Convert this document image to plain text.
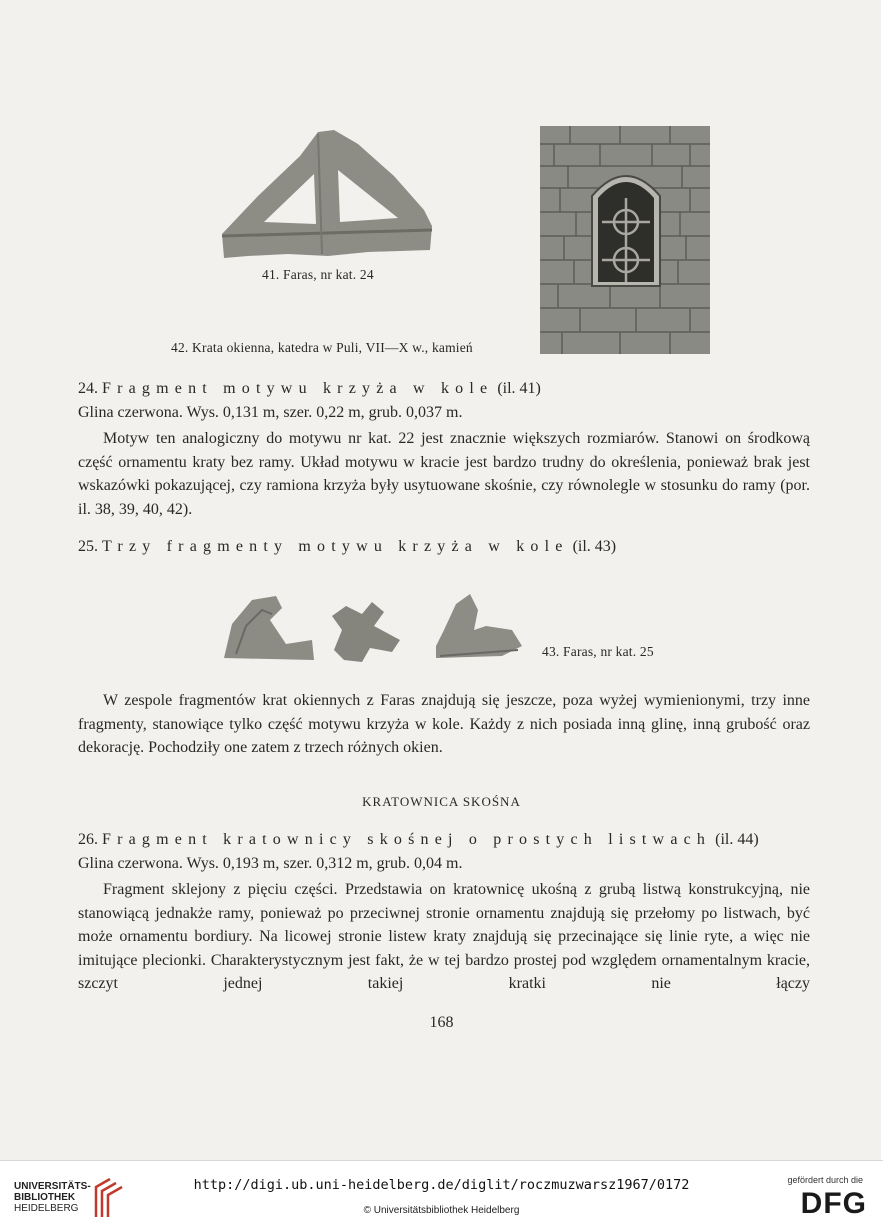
41. Faras, nr kat. 24
42. Krata okienna, katedra w Puli, VII—X w., kamień
24. Fragment motywu krzyża w kole (il. 41)
Glina czerwona. Wys. 0,131 m, szer. 0,22 m, grub. 0,037 m.
Motyw ten analogiczny do motywu nr kat. 22 jest znacznie większych rozmiarów. Stanowi on środkową część ornamentu kraty bez ramy. Układ motywu w kracie jest bardzo trudny do określenia, ponieważ brak jest wskazówki pokazującej, czy ramiona krzyża były usytuowane skośnie, czy równolegle w stosunku do ramy (por. il. 38, 39, 40, 42).
25. Trzy fragmenty motywu krzyża w kole (il. 43)
43. Faras, nr kat. 25
W zespole fragmentów krat okiennych z Faras znajdują się jeszcze, poza wyżej wymienionymi, trzy inne fragmenty, stanowiące tylko część motywu krzyża w kole. Każdy z nich posiada inną glinę, inną grubość oraz dekorację. Pochodziły one zatem z trzech różnych okien.
KRATOWNICA SKOŚNA
26. Fragment kratownicy skośnej o prostych listwach (il. 44)
Glina czerwona. Wys. 0,193 m, szer. 0,312 m, grub. 0,04 m.
Fragment sklejony z pięciu części. Przedstawia on kratownicę ukośną z grubą listwą konstrukcyjną, nie stanowiącą jednakże ramy, ponieważ po przeciwnej stronie ornamentu znajdują się przełomy po listwach, być może ornamentu bordiury. Na licowej stronie listew kraty znajdują się przecinające się linie ryte, a więc nie imitujące plecionki. Charakterystycznym jest fakt, że w tej bardzo prostej pod względem ornamentalnym kracie, szczyt jednej takiej kratki nie łączy
168
UNIVERSITÄTS-
BIBLIOTHEK
HEIDELBERG
http://digi.ub.uni-heidelberg.de/diglit/roczmuzwarsz1967/0172
© Universitätsbibliothek Heidelberg
gefördert durch die
DFG
